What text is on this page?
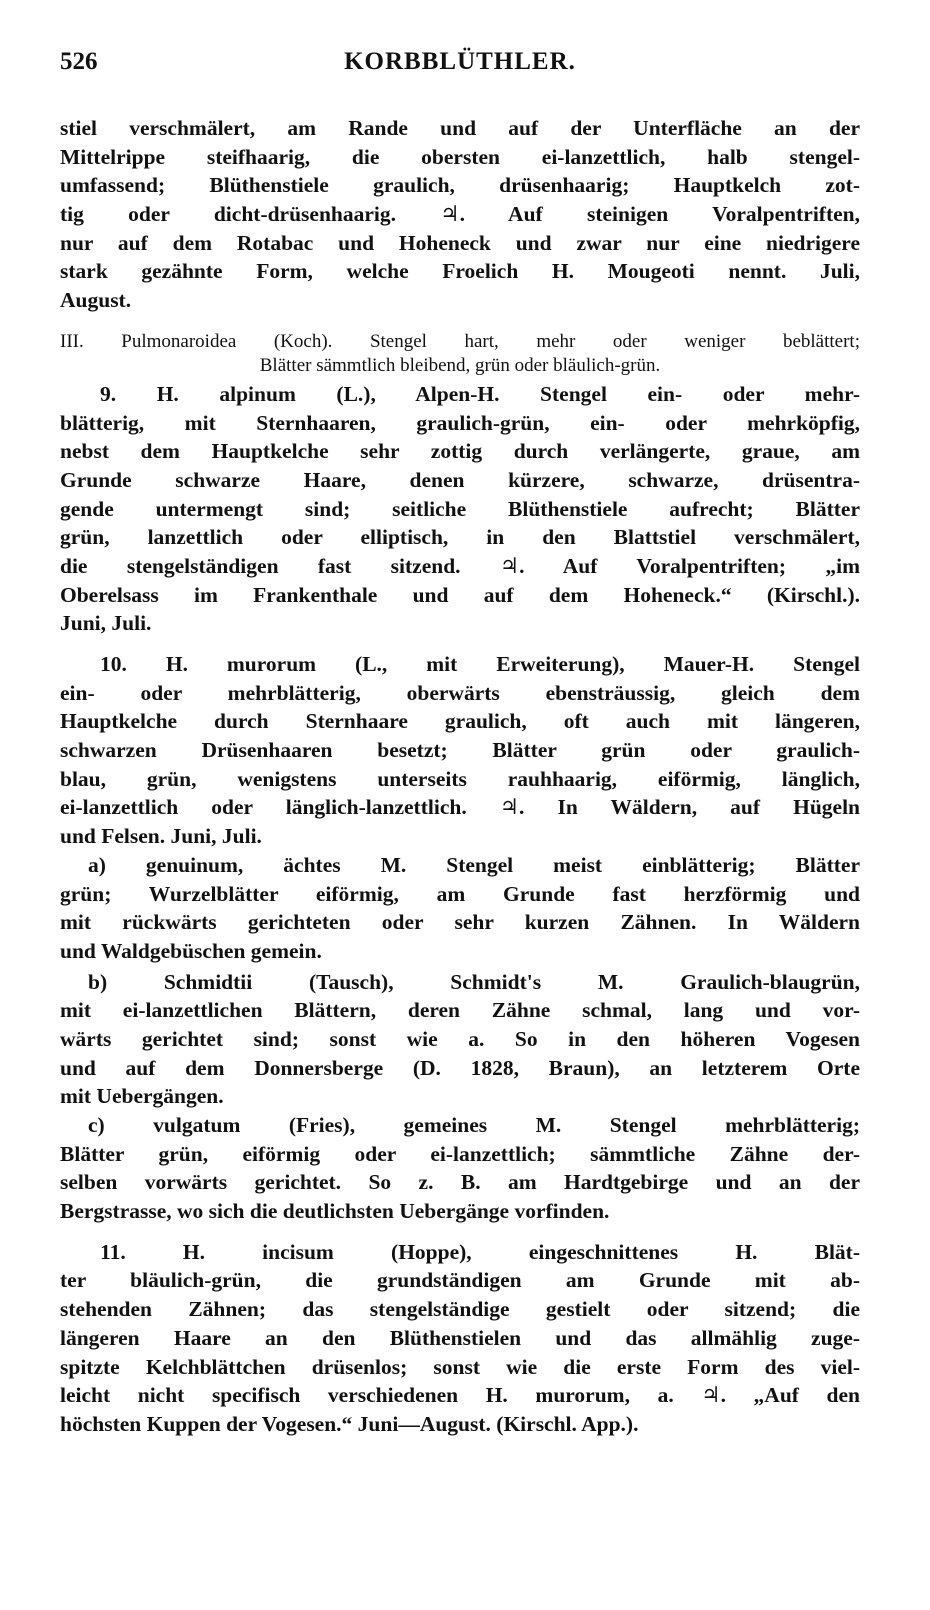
526	KORBBLÜTHLER.
stiel verschmälert, am Rande und auf der Unterfläche an der
Mittelrippe steifhaarig, die obersten ei-lanzettlich, halb stengel-
umfassend; Blüthenstiele graulich, drüsenhaarig; Hauptkelch zot-
tig oder dicht-drüsenhaarig. ♃. Auf steinigen Voralpentriften,
nur auf dem Rotabac und Hoheneck und zwar nur eine niedrigere
stark gezähnte Form, welche Froelich H. Mougeoti nennt. Juli,
August.
III. Pulmonaroidea (Koch). Stengel hart, mehr oder weniger beblättert;
Blätter sämmtlich bleibend, grün oder bläulich-grün.
9. H. alpinum (L.), Alpen-H. Stengel ein- oder mehr-
blätterig, mit Sternhaaren, graulich-grün, ein- oder mehrköpfig,
nebst dem Hauptkelche sehr zottig durch verlängerte, graue, am
Grunde schwarze Haare, denen kürzere, schwarze, drüsentra-
gende untermengt sind; seitliche Blüthenstiele aufrecht; Blätter
grün, lanzettlich oder elliptisch, in den Blattstiel verschmälert,
die stengelständigen fast sitzend. ♃. Auf Voralpentriften; „im
Oberelsass im Frankenthale und auf dem Hoheneck.“ (Kirschl.).
Juni, Juli.
10. H. murorum (L., mit Erweiterung), Mauer-H. Stengel
ein- oder mehrblätterig, oberwärts ebensträussig, gleich dem
Hauptkelche durch Sternhaare graulich, oft auch mit längeren,
schwarzen Drüsenhaaren besetzt; Blätter grün oder graulich-
blau, grün, wenigstens unterseits rauhhaarig, eiförmig, länglich,
ei-lanzettlich oder länglich-lanzettlich. ♃. In Wäldern, auf Hügeln
und Felsen. Juni, Juli.
a) genuinum, ächtes M. Stengel meist einblätterig; Blätter
grün; Wurzelblätter eiförmig, am Grunde fast herzförmig und
mit rückwärts gerichteten oder sehr kurzen Zähnen. In Wäldern
und Waldgebüschen gemein.
b) Schmidtii (Tausch), Schmidt's M. Graulich-blaugrün,
mit ei-lanzettlichen Blättern, deren Zähne schmal, lang und vor-
wärts gerichtet sind; sonst wie a. So in den höheren Vogesen
und auf dem Donnersberge (D. 1828, Braun), an letzterem Orte
mit Uebergängen.
c) vulgatum (Fries), gemeines M. Stengel mehrblätterig;
Blätter grün, eiförmig oder ei-lanzettlich; sämmtliche Zähne der-
selben vorwärts gerichtet. So z. B. am Hardtgebirge und an der
Bergstrasse, wo sich die deutlichsten Uebergänge vorfinden.
11. H. incisum (Hoppe), eingeschnittenes H. Blät-
ter bläulich-grün, die grundständigen am Grunde mit ab-
stehenden Zähnen; das stengelständige gestielt oder sitzend; die
längeren Haare an den Blüthenstielen und das allmählig zuge-
spitzte Kelchblättchen drüsenlos; sonst wie die erste Form des viel-
leicht nicht specifisch verschiedenen H. murorum, a. ♃. „Auf den
höchsten Kuppen der Vogesen.“ Juni—August. (Kirschl. App.).
